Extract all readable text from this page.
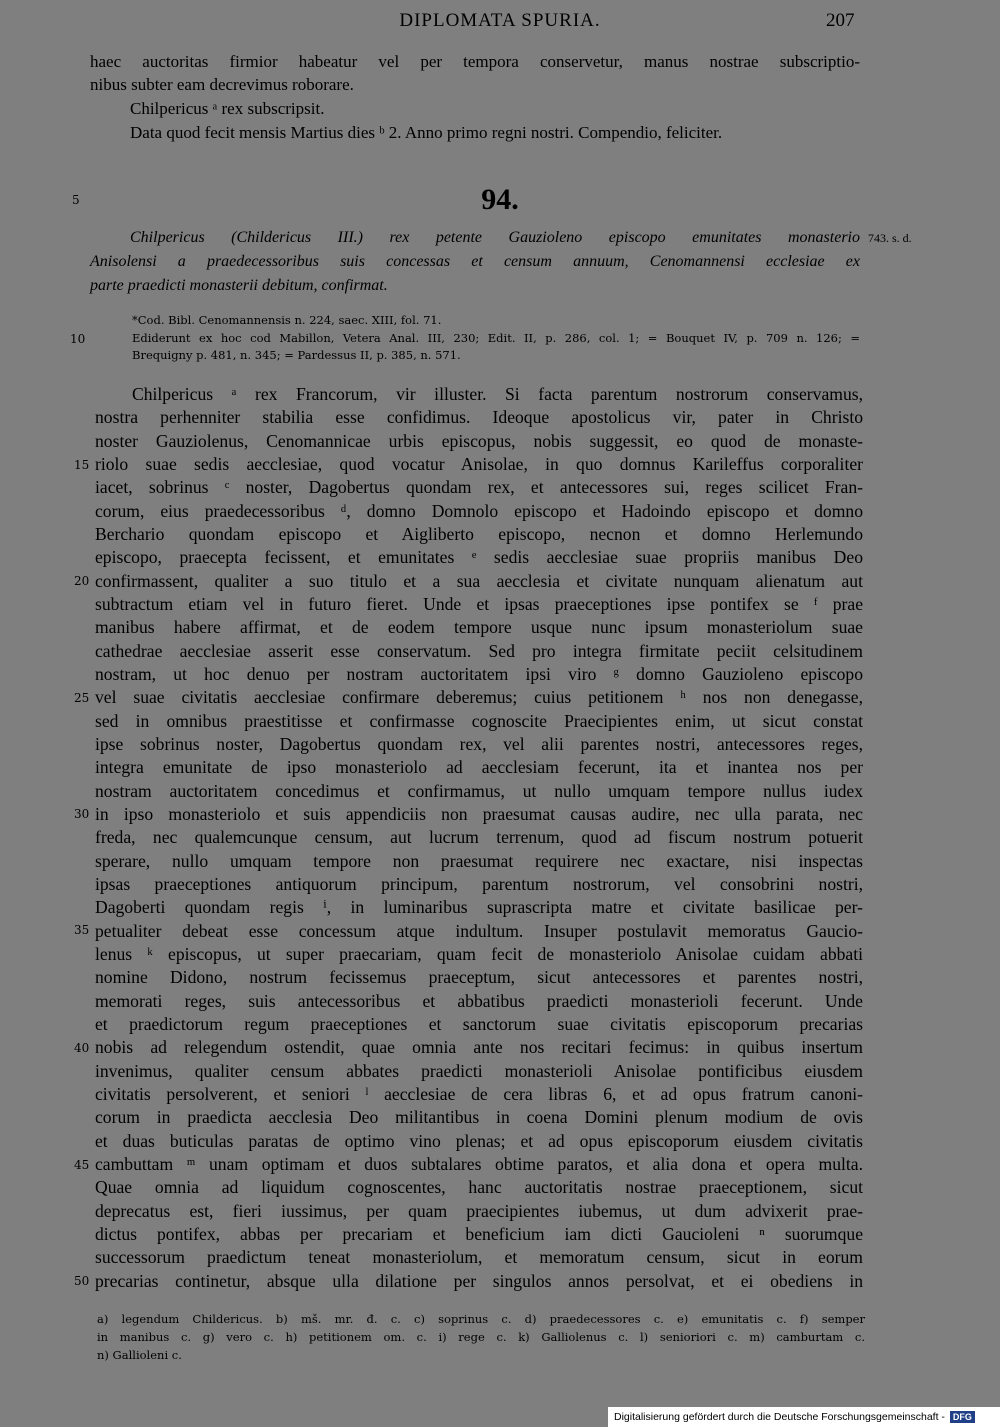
DIPLOMATA SPURIA.	207
haec auctoritas firmior habeatur vel per tempora conservetur, manus nostrae subscriptio-
nibus subter eam decrevimus roborare.
Chilpericus ᵃ rex subscripsit.
Data quod fecit mensis Martius dies ᵇ 2. Anno primo regni nostri. Compendio, feliciter.
94.
Chilpericus (Childericus III.) rex petente Gauzioleno episcopo emunitates monasterio
Anisolensi a praedecessoribus suis concessas et censum annuum, Cenomannensi ecclesiae ex
parte praedicti monasterii debitum, confirmat.
743. s. d.
*Cod. Bibl. Cenomannensis n. 224, saec. XIII, fol. 71.
Ediderunt ex hoc cod Mabillon, Vetera Anal. III, 230; Edit. II, p. 286, col. 1; = Bouquet IV, p. 709 n. 126; =
Brequigny p. 481, n. 345; = Pardessus II, p. 385, n. 571.
5
10
15
20
25
30
35
40
45
50
Chilpericus ᵃ rex Francorum, vir illuster. Si facta parentum nostrorum conservamus,
nostra perhenniter stabilia esse confidimus. Ideoque apostolicus vir, pater in Christo
noster Gauziolenus, Cenomannicae urbis episcopus, nobis suggessit, eo quod de monaste-
riolo suae sedis aecclesiae, quod vocatur Anisolae, in quo domnus Karileffus corporaliter
iacet, sobrinus ᶜ noster, Dagobertus quondam rex, et antecessores sui, reges scilicet Fran-
corum, eius praedecessoribus ᵈ, domno Domnolo episcopo et Hadoindo episcopo et domno
Berchario quondam episcopo et Aigliberto episcopo, necnon et domno Herlemundo
episcopo, praecepta fecissent, et emunitates ᵉ sedis aecclesiae suae propriis manibus Deo
confirmassent, qualiter a suo titulo et a sua aecclesia et civitate nunquam alienatum aut
subtractum etiam vel in futuro fieret. Unde et ipsas praeceptiones ipse pontifex se ᶠ prae
manibus habere affirmat, et de eodem tempore usque nunc ipsum monasteriolum suae
cathedrae aecclesiae asserit esse conservatum. Sed pro integra firmitate peciit celsitudinem
nostram, ut hoc denuo per nostram auctoritatem ipsi viro ᵍ domno Gauzioleno episcopo
vel suae civitatis aecclesiae confirmare deberemus; cuius petitionem ʰ nos non denegasse,
sed in omnibus praestitisse et confirmasse cognoscite Praecipientes enim, ut sicut constat
ipse sobrinus noster, Dagobertus quondam rex, vel alii parentes nostri, antecessores reges,
integra emunitate de ipso monasteriolo ad aecclesiam fecerunt, ita et inantea nos per
nostram auctoritatem concedimus et confirmamus, ut nullo umquam tempore nullus iudex
in ipso monasteriolo et suis appendiciis non praesumat causas audire, nec ulla parata, nec
freda, nec qualemcunque censum, aut lucrum terrenum, quod ad fiscum nostrum potuerit
sperare, nullo umquam tempore non praesumat requirere nec exactare, nisi inspectas
ipsas praeceptiones antiquorum principum, parentum nostrorum, vel consobrini nostri,
Dagoberti quondam regis ⁱ, in luminaribus suprascripta matre et civitate basilicae per-
petualiter debeat esse concessum atque indultum. Insuper postulavit memoratus Gaucio-
lenus ᵏ episcopus, ut super praecariam, quam fecit de monasteriolo Anisolae cuidam abbati
nomine Didono, nostrum fecissemus praeceptum, sicut antecessores et parentes nostri,
memorati reges, suis antecessoribus et abbatibus praedicti monasterioli fecerunt. Unde
et praedictorum regum praeceptiones et sanctorum suae civitatis episcoporum precarias
nobis ad relegendum ostendit, quae omnia ante nos recitari fecimus: in quibus insertum
invenimus, qualiter censum abbates praedicti monasterioli Anisolae pontificibus eiusdem
civitatis persolverent, et seniori ˡ aecclesiae de cera libras 6, et ad opus fratrum canoni-
corum in praedicta aecclesia Deo militantibus in coena Domini plenum modium de ovis
et duas buticulas paratas de optimo vino plenas; et ad opus episcoporum eiusdem civitatis
cambuttam ᵐ unam optimam et duos subtalares obtime paratos, et alia dona et opera multa.
Quae omnia ad liquidum cognoscentes, hanc auctoritatis nostrae praeceptionem, sicut
deprecatus est, fieri iussimus, per quam praecipientes iubemus, ut dum advixerit prae-
dictus pontifex, abbas per precariam et beneficium iam dicti Gaucioleni ⁿ suorumque
successorum praedictum teneat monasteriolum, et memoratum censum, sicut in eorum
precarias continetur, absque ulla dilatione per singulos annos persolvat, et ei obediens in
a) legendum Childericus. b) mš. mr. đ. c. c) soprinus c. d) praedecessores c. e) emunitatis c. f) semper
in manibus c. g) vero c. h) petitionem om. c. i) rege c. k) Galliolenus c. l) senioriori c. m) camburtam c.
n) Gallioleni c.
Digitalisierung gefördert durch die Deutsche Forschungsgemeinschaft - DFG
